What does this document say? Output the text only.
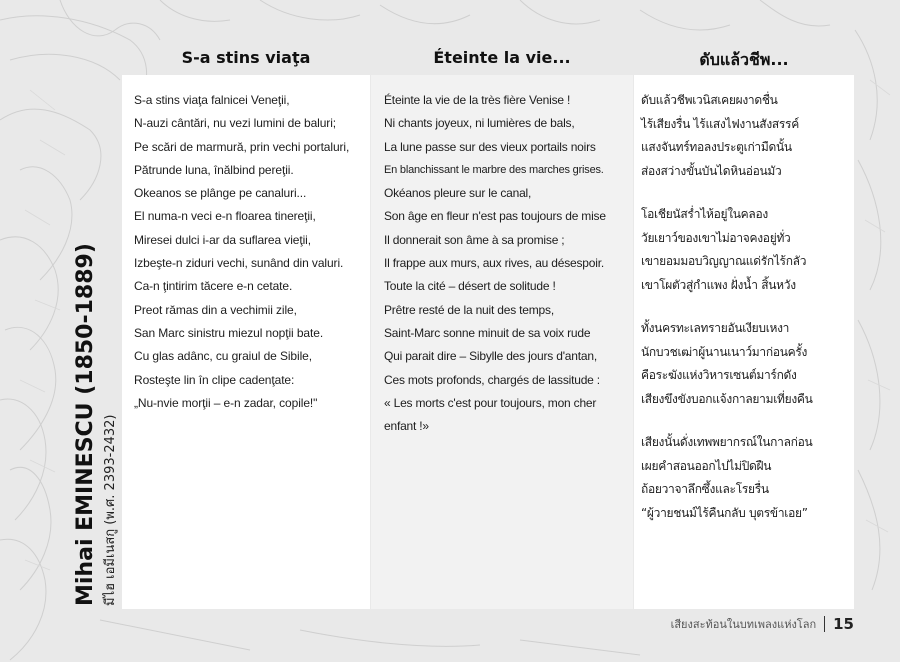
Mihai EMINESCU (1850-1889) มีไฮ เอมีเนสกู (พ.ศ. 2393-2432)
S-a stins viaţa	Éteinte la vie...	ดับแล้วชีพ...
S-a stins viaţa falnicei Veneţii,
N-auzi cântări, nu vezi lumini de baluri;
Pe scări de marmură, prin vechi portaluri,
Pătrunde luna, înălbind pereţii.
Okeanos se plânge pe canaluri...
El numa-n veci e-n floarea tinereţii,
Miresei dulci i-ar da suflarea vieţii,
Izbeşte-n ziduri vechi, sunând din valuri.
Ca-n ţintirim tăcere e-n cetate.
Preot rămas din a vechimii zile,
San Marc sinistru miezul nopţii bate.
Cu glas adânc, cu graiul de Sibile,
Rosteşte lin în clipe cadenţate:
„Nu-nvie morţii – e-n zadar, copile!"
Éteinte la vie de la très fière Venise !
Ni chants joyeux, ni lumières de bals,
La lune passe sur des vieux portails noirs
En blanchissant le marbre des marches grises.
Okéanos pleure sur le canal,
Son âge en fleur n'est pas toujours de mise
Il donnerait son âme à sa promise ;
Il frappe aux murs, aux rives, au désespoir.
Toute la cité – désert de solitude !
Prêtre resté de la nuit des temps,
Saint-Marc sonne minuit de sa voix rude
Qui parait dire – Sibylle des jours d'antan,
Ces mots profonds, chargés de lassitude :
« Les morts c'est pour toujours, mon cher
enfant !»
ดับแล้วชีพเวนิสเคยผงาดชื่น
ไร้เสียงรื่น ไร้แสงไฟงานสังสรรค์
แสงจันทร์ทอลงประตูเก่ามืดนั้น
ส่องสว่างขั้นบันไดหินอ่อนมัว
โอเชียนัสร่ำไห้อยู่ในคลอง
วัยเยาว์ของเขาไม่อาจคงอยู่ทั่ว
เขายอมมอบวิญญาณแด่รักไร้กลัว
เขาโผตัวสู่กำแพง ฝั่งน้ำ สิ้นหวัง
ทั้งนครทะเลทรายอันเงียบเหงา
นักบวชเฒ่าผู้นานเนาว์มาก่อนครั้ง
คือระฆังแห่งวิหารเซนต์มาร์กดัง
เสียงขึงขังบอกแจ้งกาลยามเที่ยงคืน
เสียงนั้นดั่งเทพพยากรณ์ในกาลก่อน
เผยคำสอนออกไปไม่ปิดฝืน
ถ้อยวาจาลึกซึ้งและโรยรื่น
“ผู้วายชนม์ไร้คืนกลับ บุตรข้าเอย”
เสียงสะท้อนในบทเพลงแห่งโลก 15
